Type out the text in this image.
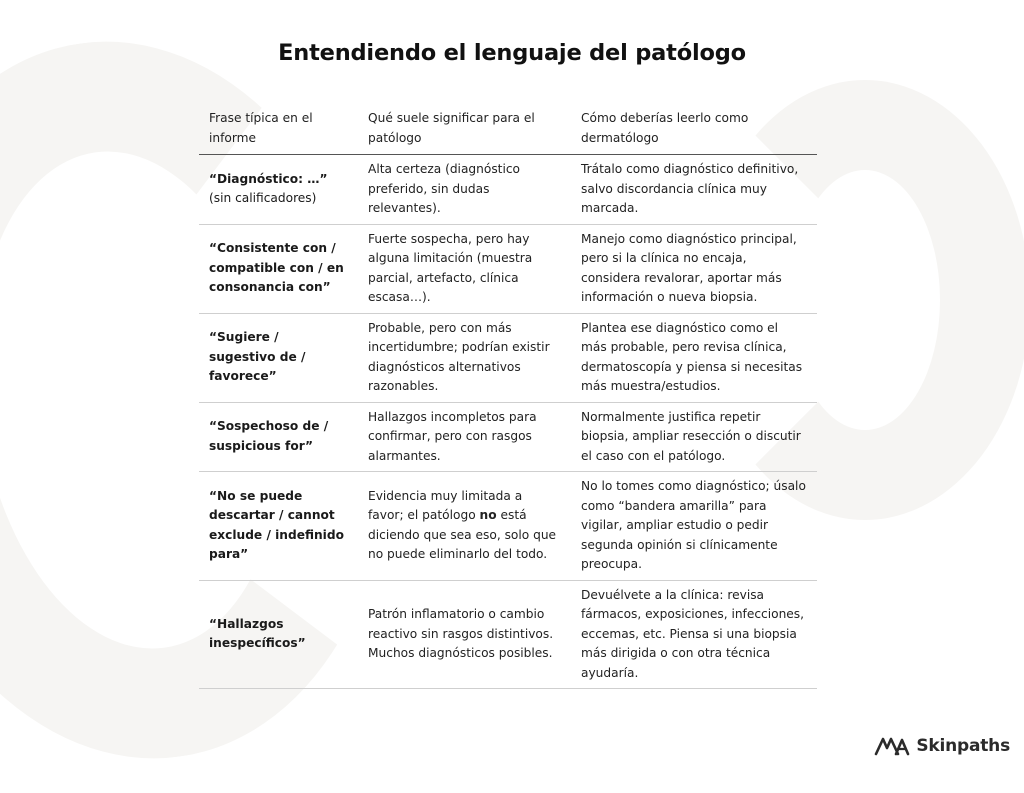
Entendiendo el lenguaje del patólogo
Frase típica en el informe	Qué suele significar para el patólogo	Cómo deberías leerlo como dermatólogo
“Diagnóstico: …” (sin calificadores)	Alta certeza (diagnóstico preferido, sin dudas relevantes).	Trátalo como diagnóstico definitivo, salvo discordancia clínica muy marcada.
“Consistente con / compatible con / en consonancia con”	Fuerte sospecha, pero hay alguna limitación (muestra parcial, artefacto, clínica escasa…).	Manejo como diagnóstico principal, pero si la clínica no encaja, considera revalorar, aportar más información o nueva biopsia.
“Sugiere / sugestivo de / favorece”	Probable, pero con más incertidumbre; podrían existir diagnósticos alternativos razonables.	Plantea ese diagnóstico como el más probable, pero revisa clínica, dermatoscopía y piensa si necesitas más muestra/estudios.
“Sospechoso de / suspicious for”	Hallazgos incompletos para confirmar, pero con rasgos alarmantes.	Normalmente justifica repetir biopsia, ampliar resección o discutir el caso con el patólogo.
“No se puede descartar / cannot exclude / indefinido para”	Evidencia muy limitada a favor; el patólogo no está diciendo que sea eso, solo que no puede eliminarlo del todo.	No lo tomes como diagnóstico; úsalo como “bandera amarilla” para vigilar, ampliar estudio o pedir segunda opinión si clínicamente preocupa.
“Hallazgos inespecíficos”	Patrón inflamatorio o cambio reactivo sin rasgos distintivos. Muchos diagnósticos posibles.	Devuélvete a la clínica: revisa fármacos, exposiciones, infecciones, eccemas, etc. Piensa si una biopsia más dirigida o con otra técnica ayudaría.
Skinpaths
